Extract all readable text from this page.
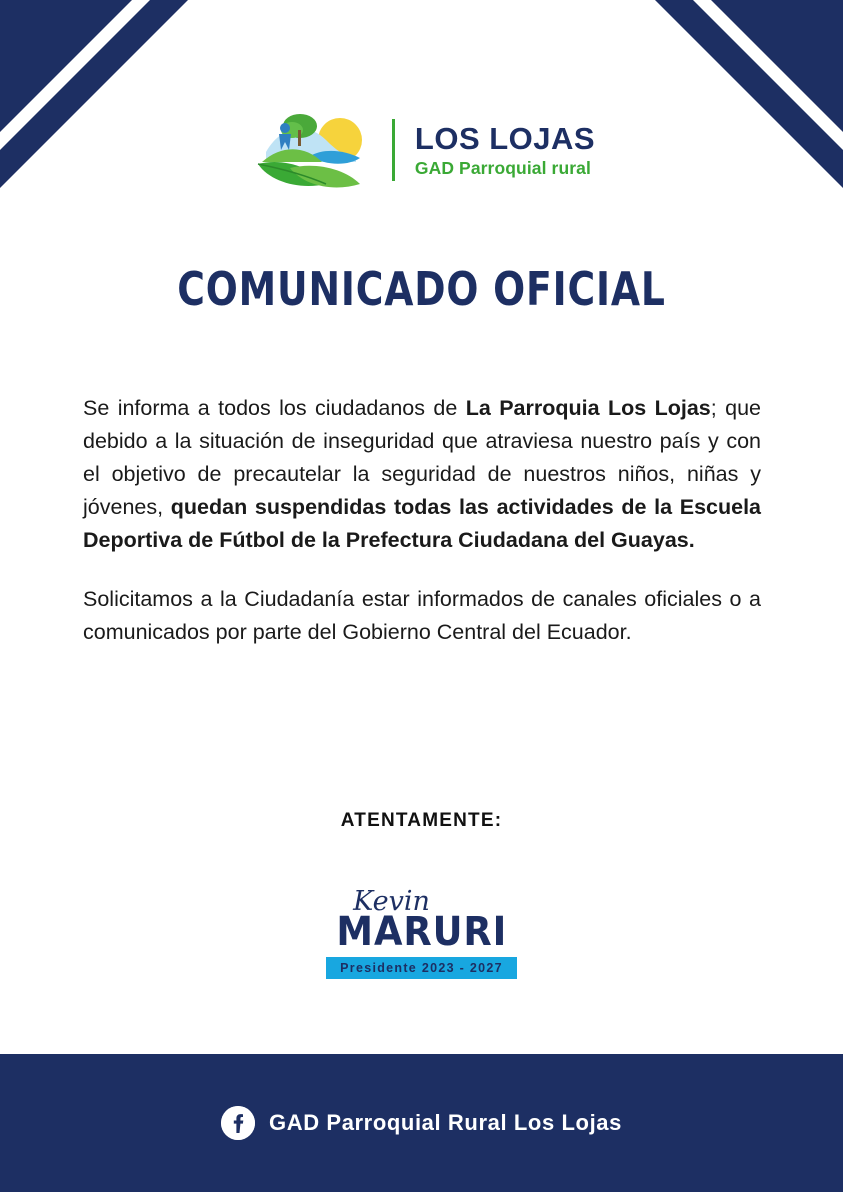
LOS LOJAS
GAD Parroquial rural
COMUNICADO OFICIAL

Se informa a todos los ciudadanos de La Parroquia Los Lojas; que debido a la situación de inseguridad que atraviesa nuestro país y con el objetivo de precautelar la seguridad de nuestros niños, niñas y jóvenes, quedan suspendidas todas las actividades de la Escuela Deportiva de Fútbol de la Prefectura Ciudadana del Guayas.

Solicitamos a la Ciudadanía estar informados de canales oficiales o a comunicados por parte del Gobierno Central del Ecuador.

ATENTAMENTE:
Kevin
MARURI
Presidente 2023 - 2027
GAD Parroquial Rural Los Lojas
